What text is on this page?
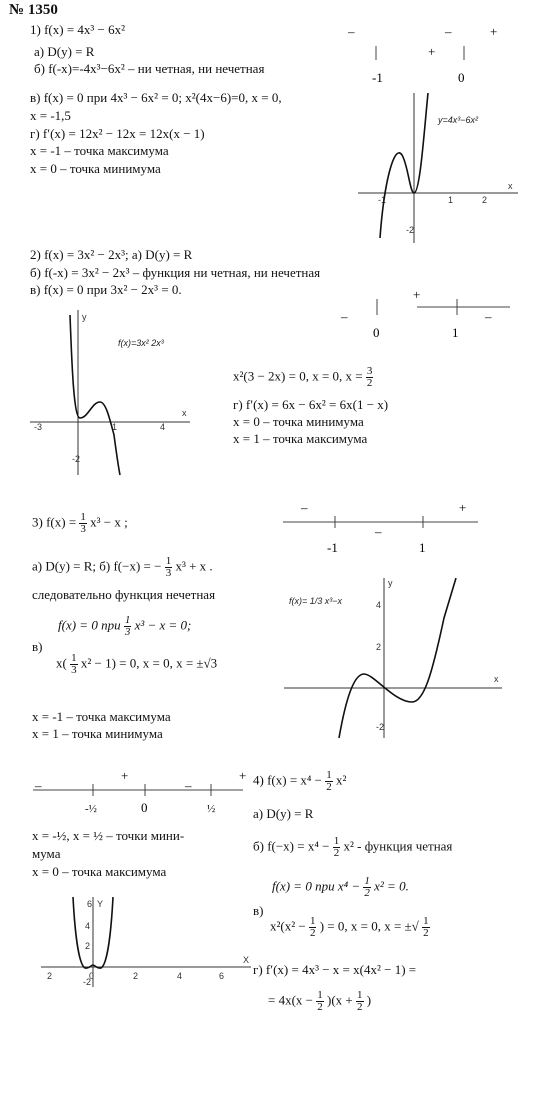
№ 1350
1) f(x) = 4x³ − 6x²
а) D(y) = R
б) f(-x)=-4x³−6x² – ни четная, ни нечетная
в) f(x) = 0 при 4x³ − 6x² = 0; x²(4x−6)=0, x = 0,
x = -1,5
г) f′(x) = 12x² − 12x = 12x(x − 1)
x = -1 – точка максимума
x = 0 – точка минимума
–
+
–	+
-1	0
x
-1	1	2
-2
y=4x³−6x²
2) f(x) = 3x² − 2x³; а) D(y) = R
б) f(-x) = 3x² − 2x³ – функция ни четная, ни нечетная
в) f(x) = 0 при 3x² − 2x³ = 0.
–
+
–
0	1
x
y
-3	1	4
-2
f(x)=3x² 2x³
x²(3 − 2x) = 0, x = 0, $x = \frac{3}{2}$
г) f′(x) = 6x − 6x² = 6x(1 − x)
x = 0 – точка минимума
x = 1 – точка максимума
3) $f(x) = \frac{1}{3} x^3 - x$ ;
–
–
+
-1	1
а) D(y) = R; б) f(−x) = − $\frac{1}{3} x^3 + x$ .
следовательно функция нечетная
f(x) = 0 при $\frac{1}{3} x^3 - x = 0$;
в)
$x( \frac{1}{3} x^2 - 1) = 0$, x = 0, x = ±√3
x
y
4
2
-2
f(x)= 1/3 x³−x
x = -1 – точка максимума
x = 1 – точка минимума
–
+
–
+
-½	0	½
4) $f(x) = x^4 - \frac{1}{2} x^2$
а) D(y) = R
x = -½, x = ½ – точки мини-
мума
x = 0 – точка максимума
б) $f(-x) = x^4 - \frac{1}{2} x^2$ - функция четная
f(x) = 0 при $x^4 - \frac{1}{2} x^2 = 0$.
в)
$x^2(x^2 - \frac{1}{2}$ ) = 0, x = 0, x = ±√ $\frac{1}{2}$
г) f′(x) = 4x³ − x = x(4x² − 1) =
= $4x(x - \frac{1}{2} )(x + \frac{1}{2}$ )
6 Y
4
2
-2
X
2	0	2	4	6
